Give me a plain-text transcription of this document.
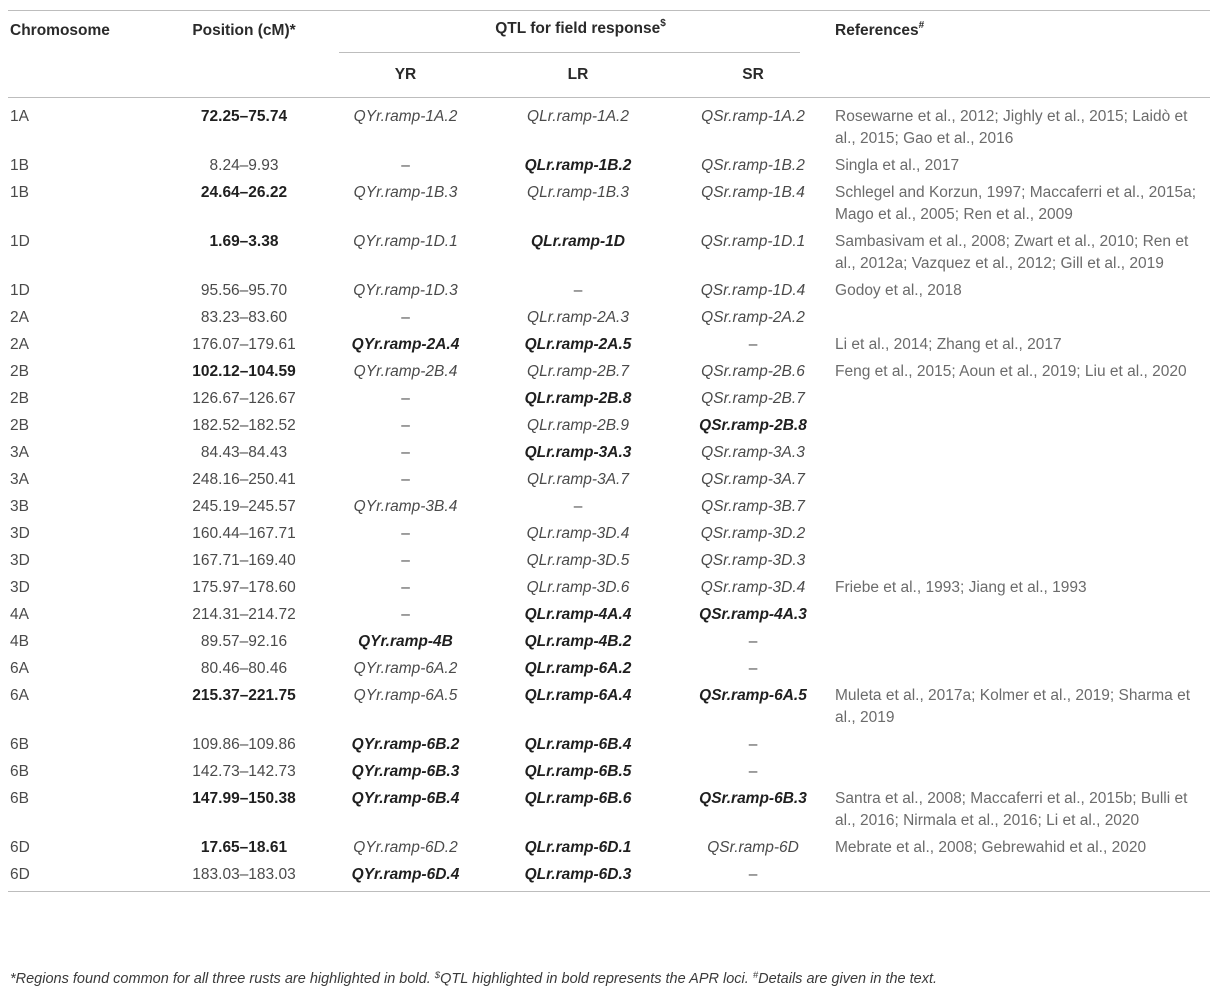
Chromosome	Position (cM)*	QTL for field response$			References#
		YR	LR	SR	
1A	72.25–75.74	QYr.ramp-1A.2	QLr.ramp-1A.2	QSr.ramp-1A.2	Rosewarne et al., 2012; Jighly et al., 2015; Laidò et al., 2015; Gao et al., 2016
1B	8.24–9.93	–	QLr.ramp-1B.2	QSr.ramp-1B.2	Singla et al., 2017
1B	24.64–26.22	QYr.ramp-1B.3	QLr.ramp-1B.3	QSr.ramp-1B.4	Schlegel and Korzun, 1997; Maccaferri et al., 2015a; Mago et al., 2005; Ren et al., 2009
1D	1.69–3.38	QYr.ramp-1D.1	QLr.ramp-1D	QSr.ramp-1D.1	Sambasivam et al., 2008; Zwart et al., 2010; Ren et al., 2012a; Vazquez et al., 2012; Gill et al., 2019
1D	95.56–95.70	QYr.ramp-1D.3	–	QSr.ramp-1D.4	Godoy et al., 2018
2A	83.23–83.60	–	QLr.ramp-2A.3	QSr.ramp-2A.2	
2A	176.07–179.61	QYr.ramp-2A.4	QLr.ramp-2A.5	–	Li et al., 2014; Zhang et al., 2017
2B	102.12–104.59	QYr.ramp-2B.4	QLr.ramp-2B.7	QSr.ramp-2B.6	Feng et al., 2015; Aoun et al., 2019; Liu et al., 2020
2B	126.67–126.67	–	QLr.ramp-2B.8	QSr.ramp-2B.7	
2B	182.52–182.52	–	QLr.ramp-2B.9	QSr.ramp-2B.8	
3A	84.43–84.43	–	QLr.ramp-3A.3	QSr.ramp-3A.3	
3A	248.16–250.41	–	QLr.ramp-3A.7	QSr.ramp-3A.7	
3B	245.19–245.57	QYr.ramp-3B.4	–	QSr.ramp-3B.7	
3D	160.44–167.71	–	QLr.ramp-3D.4	QSr.ramp-3D.2	
3D	167.71–169.40	–	QLr.ramp-3D.5	QSr.ramp-3D.3	
3D	175.97–178.60	–	QLr.ramp-3D.6	QSr.ramp-3D.4	Friebe et al., 1993; Jiang et al., 1993
4A	214.31–214.72	–	QLr.ramp-4A.4	QSr.ramp-4A.3	
4B	89.57–92.16	QYr.ramp-4B	QLr.ramp-4B.2	–	
6A	80.46–80.46	QYr.ramp-6A.2	QLr.ramp-6A.2	–	
6A	215.37–221.75	QYr.ramp-6A.5	QLr.ramp-6A.4	QSr.ramp-6A.5	Muleta et al., 2017a; Kolmer et al., 2019; Sharma et al., 2019
6B	109.86–109.86	QYr.ramp-6B.2	QLr.ramp-6B.4	–	
6B	142.73–142.73	QYr.ramp-6B.3	QLr.ramp-6B.5	–	
6B	147.99–150.38	QYr.ramp-6B.4	QLr.ramp-6B.6	QSr.ramp-6B.3	Santra et al., 2008; Maccaferri et al., 2015b; Bulli et al., 2016; Nirmala et al., 2016; Li et al., 2020
6D	17.65–18.61	QYr.ramp-6D.2	QLr.ramp-6D.1	QSr.ramp-6D	Mebrate et al., 2008; Gebrewahid et al., 2020
6D	183.03–183.03	QYr.ramp-6D.4	QLr.ramp-6D.3	–	
*Regions found common for all three rusts are highlighted in bold. $QTL highlighted in bold represents the APR loci. #Details are given in the text.
